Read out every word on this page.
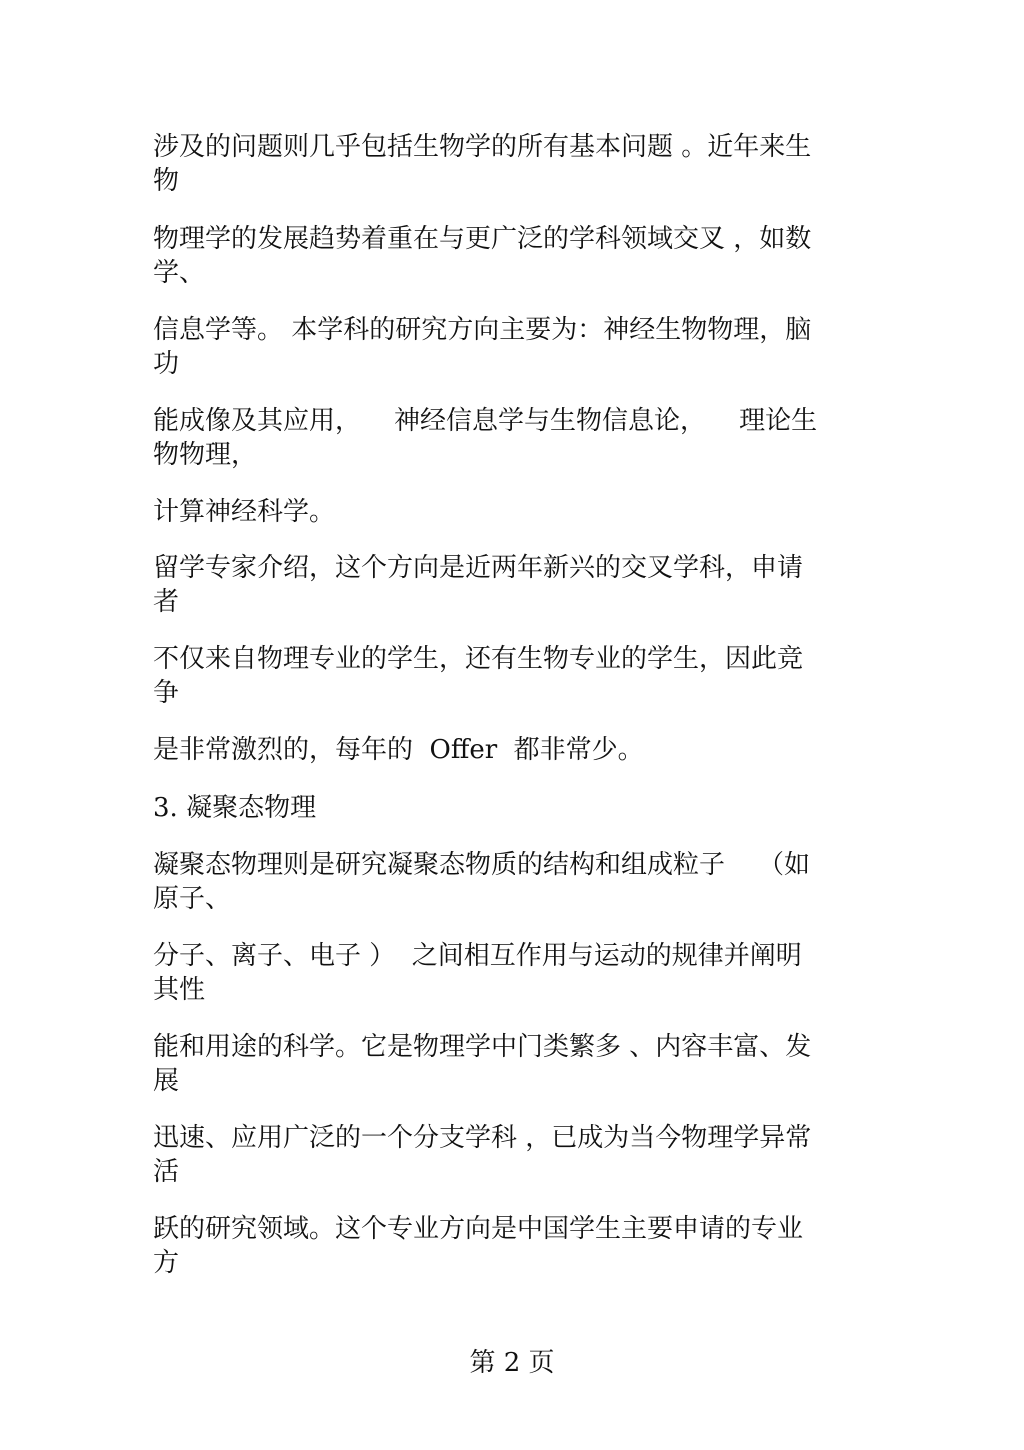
涉及的问题则几乎包括生物学的所有基本问题 。近年来生
物

物理学的发展趋势着重在与更广泛的学科领域交叉 ，如数
学、

信息学等。 本学科的研究方向主要为：神经生物物理，脑
功

能成像及其应用，    神经信息学与生物信息论，    理论生
物物理，

计算神经科学。

留学专家介绍，这个方向是近两年新兴的交叉学科，申请
者

不仅来自物理专业的学生，还有生物专业的学生，因此竞
争

是非常激烈的，每年的  Offer  都非常少。

3. 凝聚态物理

凝聚态物理则是研究凝聚态物质的结构和组成粒子    （如
原子、

分子、离子、电子 ）  之间相互作用与运动的规律并阐明
其性

能和用途的科学。它是物理学中门类繁多 、内容丰富、发
展

迅速、应用广泛的一个分支学科 ，已成为当今物理学异常
活

跃的研究领域。这个专业方向是中国学生主要申请的专业
方

第 2 页
